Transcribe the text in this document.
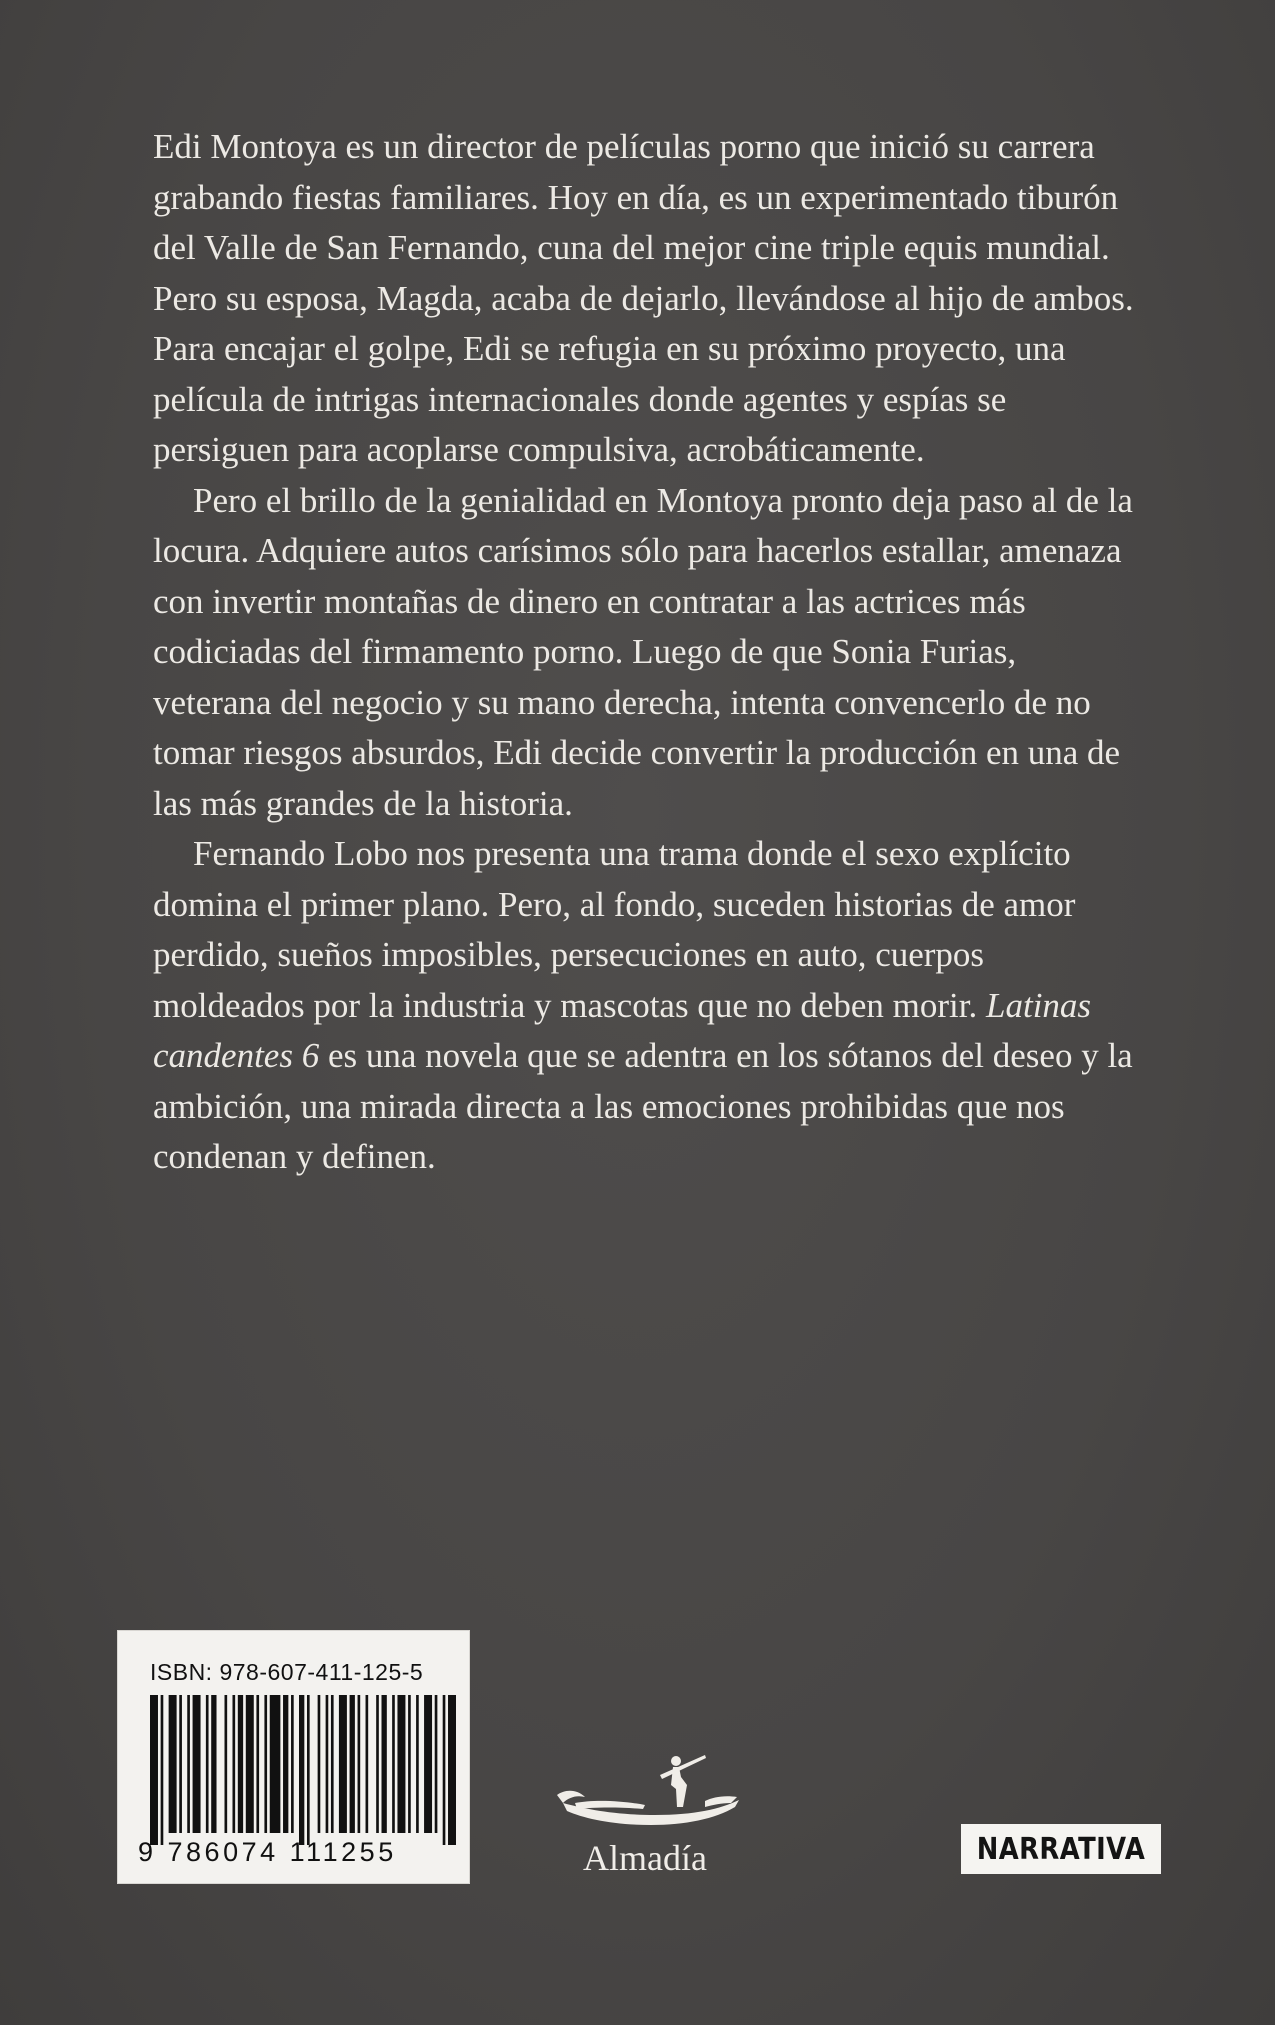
Edi Montoya es un director de películas porno que inició su carrera grabando fiestas familiares. Hoy en día, es un experimentado tiburón del Valle de San Fernando, cuna del mejor cine triple equis mundial. Pero su esposa, Magda, acaba de dejarlo, llevándose al hijo de ambos. Para encajar el golpe, Edi se refugia en su próximo proyecto, una película de intrigas internacionales donde agentes y espías se persiguen para acoplarse compulsiva, acrobáticamente.

Pero el brillo de la genialidad en Montoya pronto deja paso al de la locura. Adquiere autos carísimos sólo para hacerlos estallar, amenaza con invertir montañas de dinero en contratar a las actrices más codiciadas del firmamento porno. Luego de que Sonia Furias, veterana del negocio y su mano derecha, intenta convencerlo de no tomar riesgos absurdos, Edi decide convertir la producción en una de las más grandes de la historia.

Fernando Lobo nos presenta una trama donde el sexo explícito domina el primer plano. Pero, al fondo, suceden historias de amor perdido, sueños imposibles, persecuciones en auto, cuerpos moldeados por la industria y mascotas que no deben morir. Latinas candentes 6 es una novela que se adentra en los sótanos del deseo y la ambición, una mirada directa a las emociones prohibidas que nos condenan y definen.

ISBN: 978-607-411-125-5
9 786074 111255	Almadía	NARRATIVA
